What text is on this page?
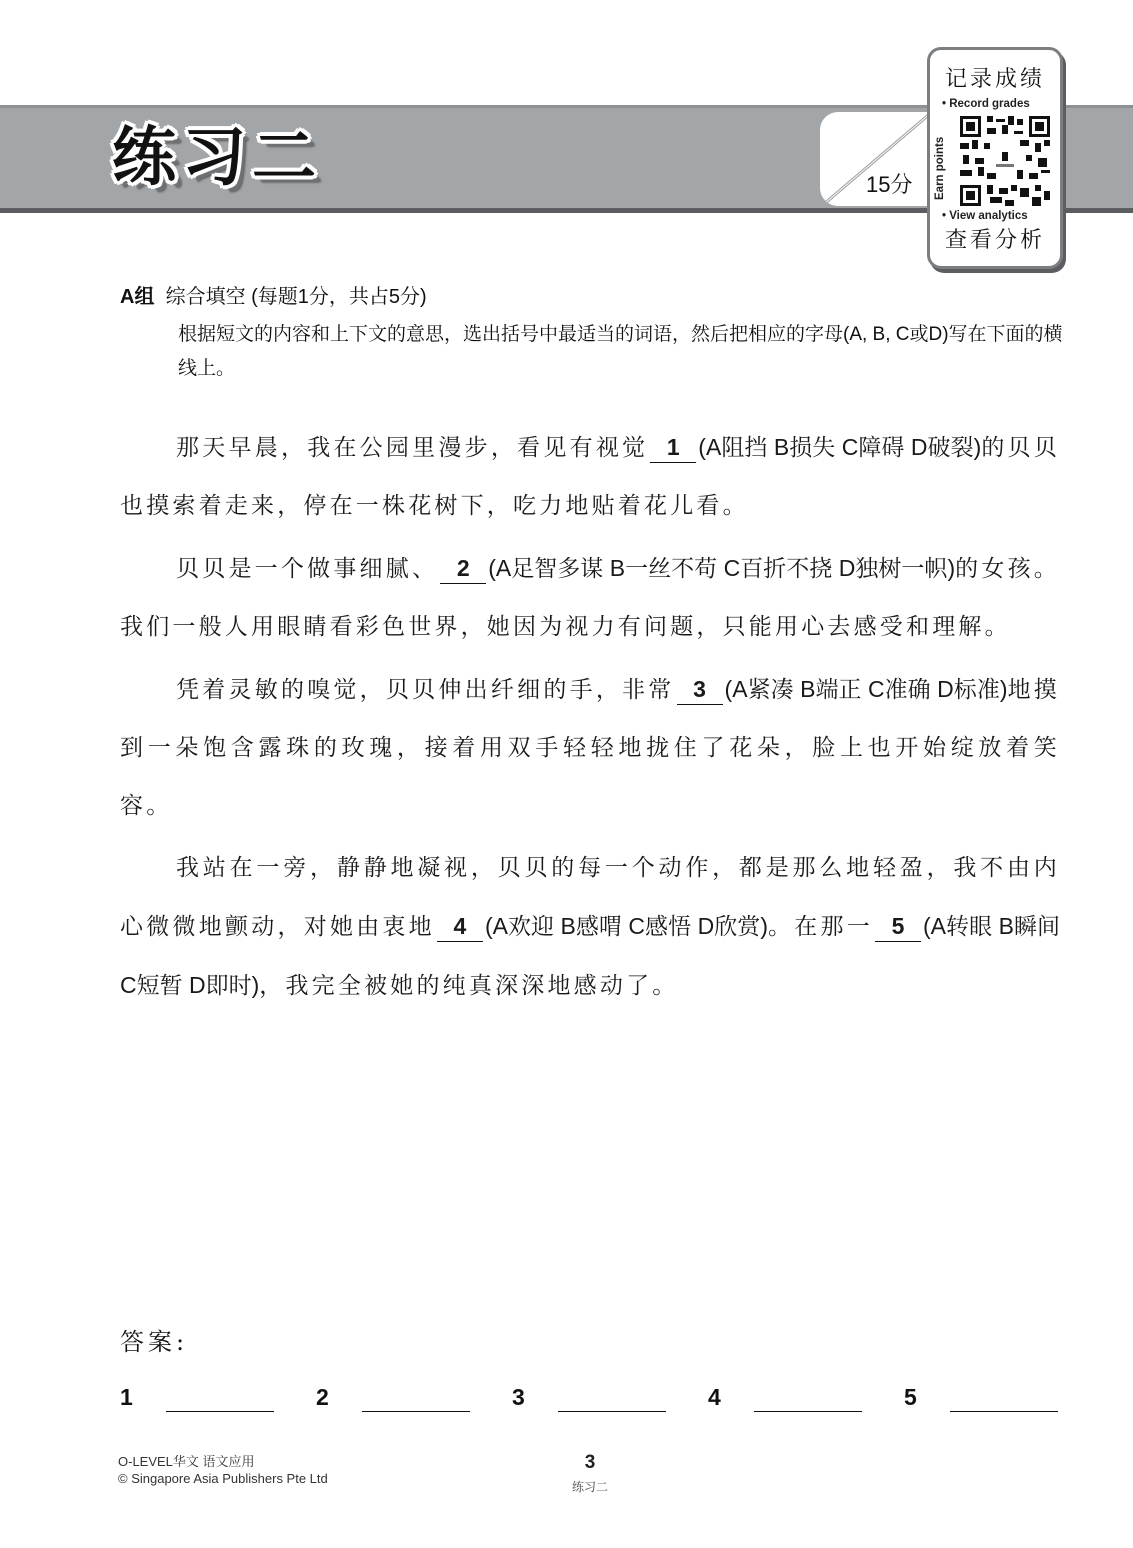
练习二	15分
记录成绩
• Record grades
Earn points
• View analytics
查看分析
A组 综合填空 (每题1分，共占5分)
根据短文的内容和上下文的意思，选出括号中最适当的词语，然后把相应的字母(A, B, C或D)写在下面的横线上。

那天早晨，我在公园里漫步，看见有视觉 1 (A阻挡 B损失 C障碍 D破裂)的贝贝也摸索着走来，停在一株花树下，吃力地贴着花儿看。

贝贝是一个做事细腻、 2 (A足智多谋 B一丝不苟 C百折不挠 D独树一帜)的女孩。我们一般人用眼睛看彩色世界，她因为视力有问题，只能用心去感受和理解。

凭着灵敏的嗅觉，贝贝伸出纤细的手，非常 3 (A紧凑 B端正 C准确 D标准)地摸到一朵饱含露珠的玫瑰，接着用双手轻轻地拢住了花朵，脸上也开始绽放着笑容。

我站在一旁，静静地凝视，贝贝的每一个动作，都是那么地轻盈，我不由内心微微地颤动，对她由衷地 4 (A欢迎 B感喟 C感悟 D欣赏)。在那一 5 (A转眼 B瞬间 C短暂 D即时)，我完全被她的纯真深深地感动了。

答案:
1	2	3	4	5
O-LEVEL华文 语文应用
© Singapore Asia Publishers Pte Ltd
3
练习二
